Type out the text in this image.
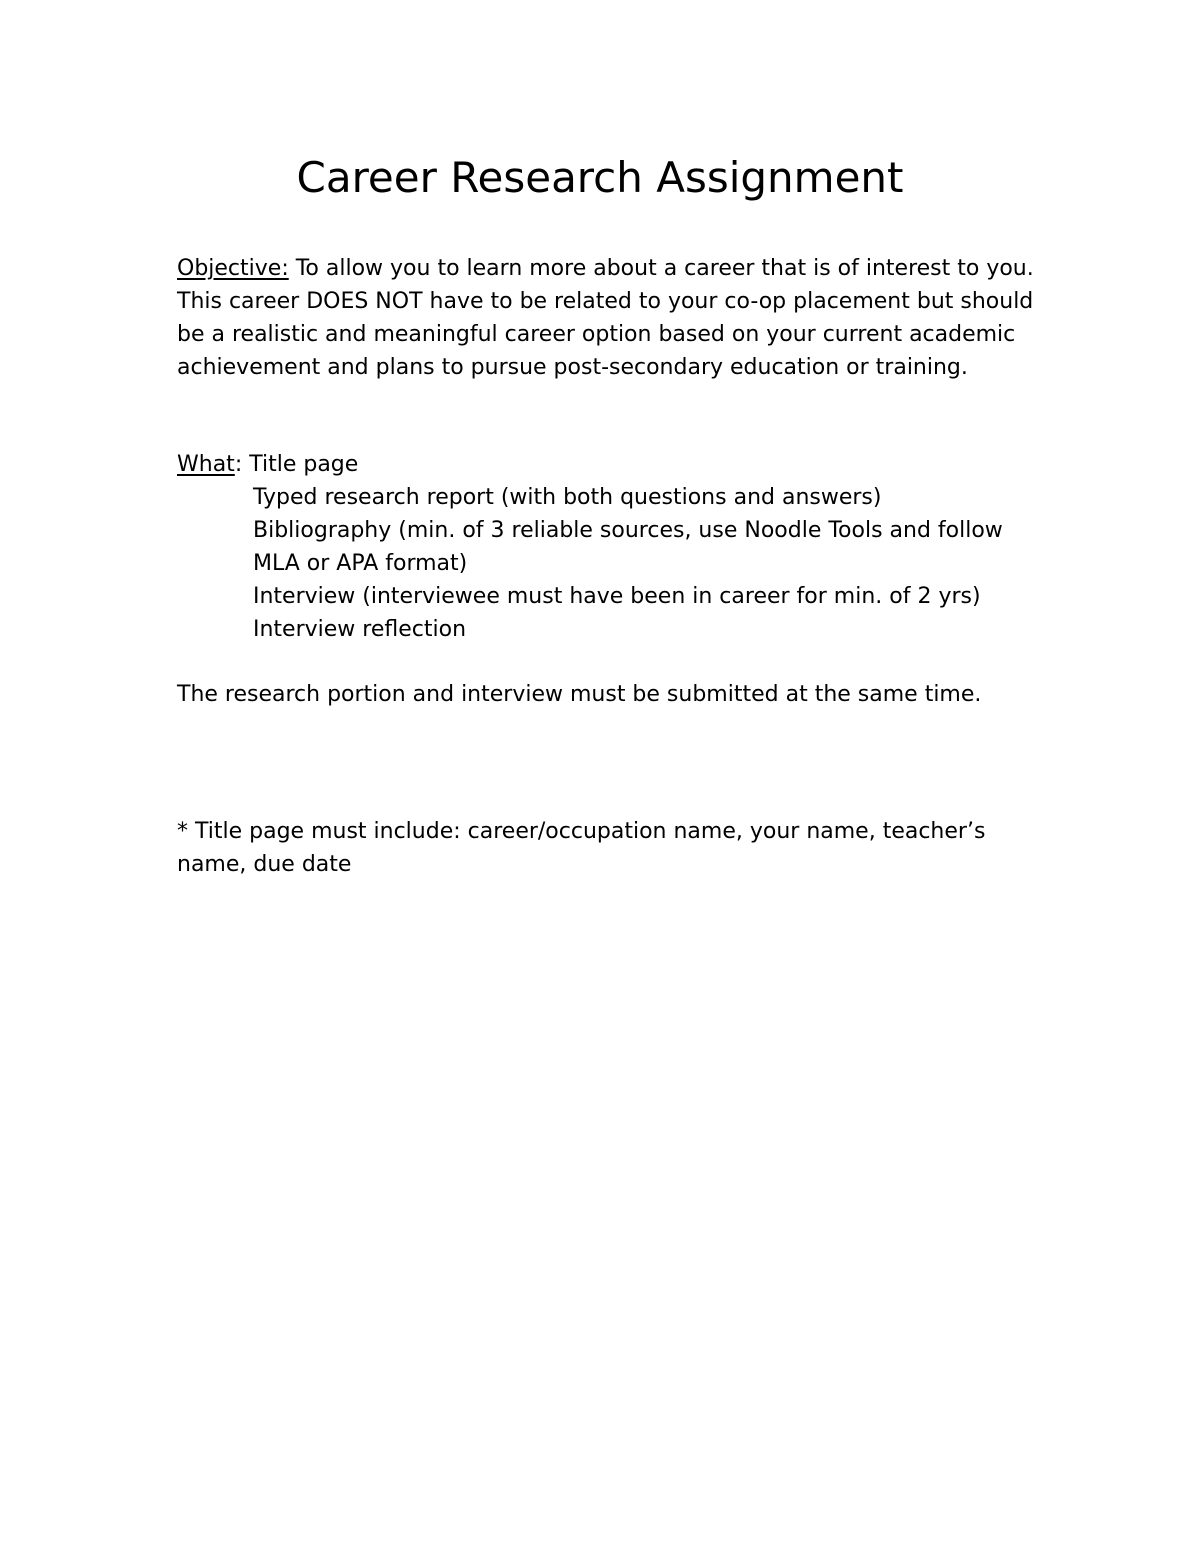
Career Research Assignment

Objective: To allow you to learn more about a career that is of interest to you. This career DOES NOT have to be related to your co-op placement but should be a realistic and meaningful career option based on your current academic achievement and plans to pursue post-secondary education or training.

What: Title page
Typed research report (with both questions and answers)
Bibliography (min. of 3 reliable sources, use Noodle Tools and follow
MLA or APA format)
Interview (interviewee must have been in career for min. of 2 yrs)
Interview reflection

The research portion and interview must be submitted at the same time.

* Title page must include: career/occupation name, your name, teacher’s name, due date
